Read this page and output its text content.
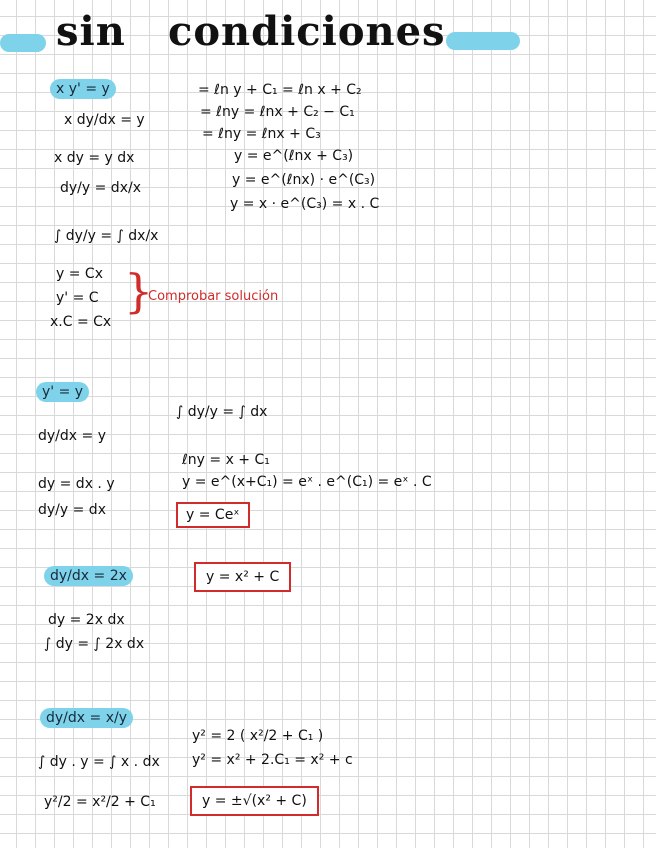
sin condiciones
x y' = y
x dy/dx = y
x dy = y dx
dy/y = dx/x
∫ dy/y = ∫ dx/x
y = Cx
y' = C
x.C = Cx
}
Comprobar solución
= ℓn y + C₁ = ℓn x + C₂
= ℓny = ℓnx + C₂ − C₁
= ℓny = ℓnx + C₃
y = e^(ℓnx + C₃)
y = e^(ℓnx) · e^(C₃)
y = x · e^(C₃) = x . C
y' = y
dy/dx = y
dy = dx . y
dy/y = dx
∫ dy/y = ∫ dx
ℓny = x + C₁
y = e^(x+C₁) = eˣ . e^(C₁) = eˣ . C
y = Ceˣ
dy/dx = 2x
dy = 2x dx
∫ dy = ∫ 2x dx
y = x² + C
dy/dx = x/y
∫ dy . y = ∫ x . dx
y²/2 = x²/2 + C₁
y² = 2 ( x²/2 + C₁ )
y² = x² + 2.C₁ = x² + c
y = ±√(x² + C)
